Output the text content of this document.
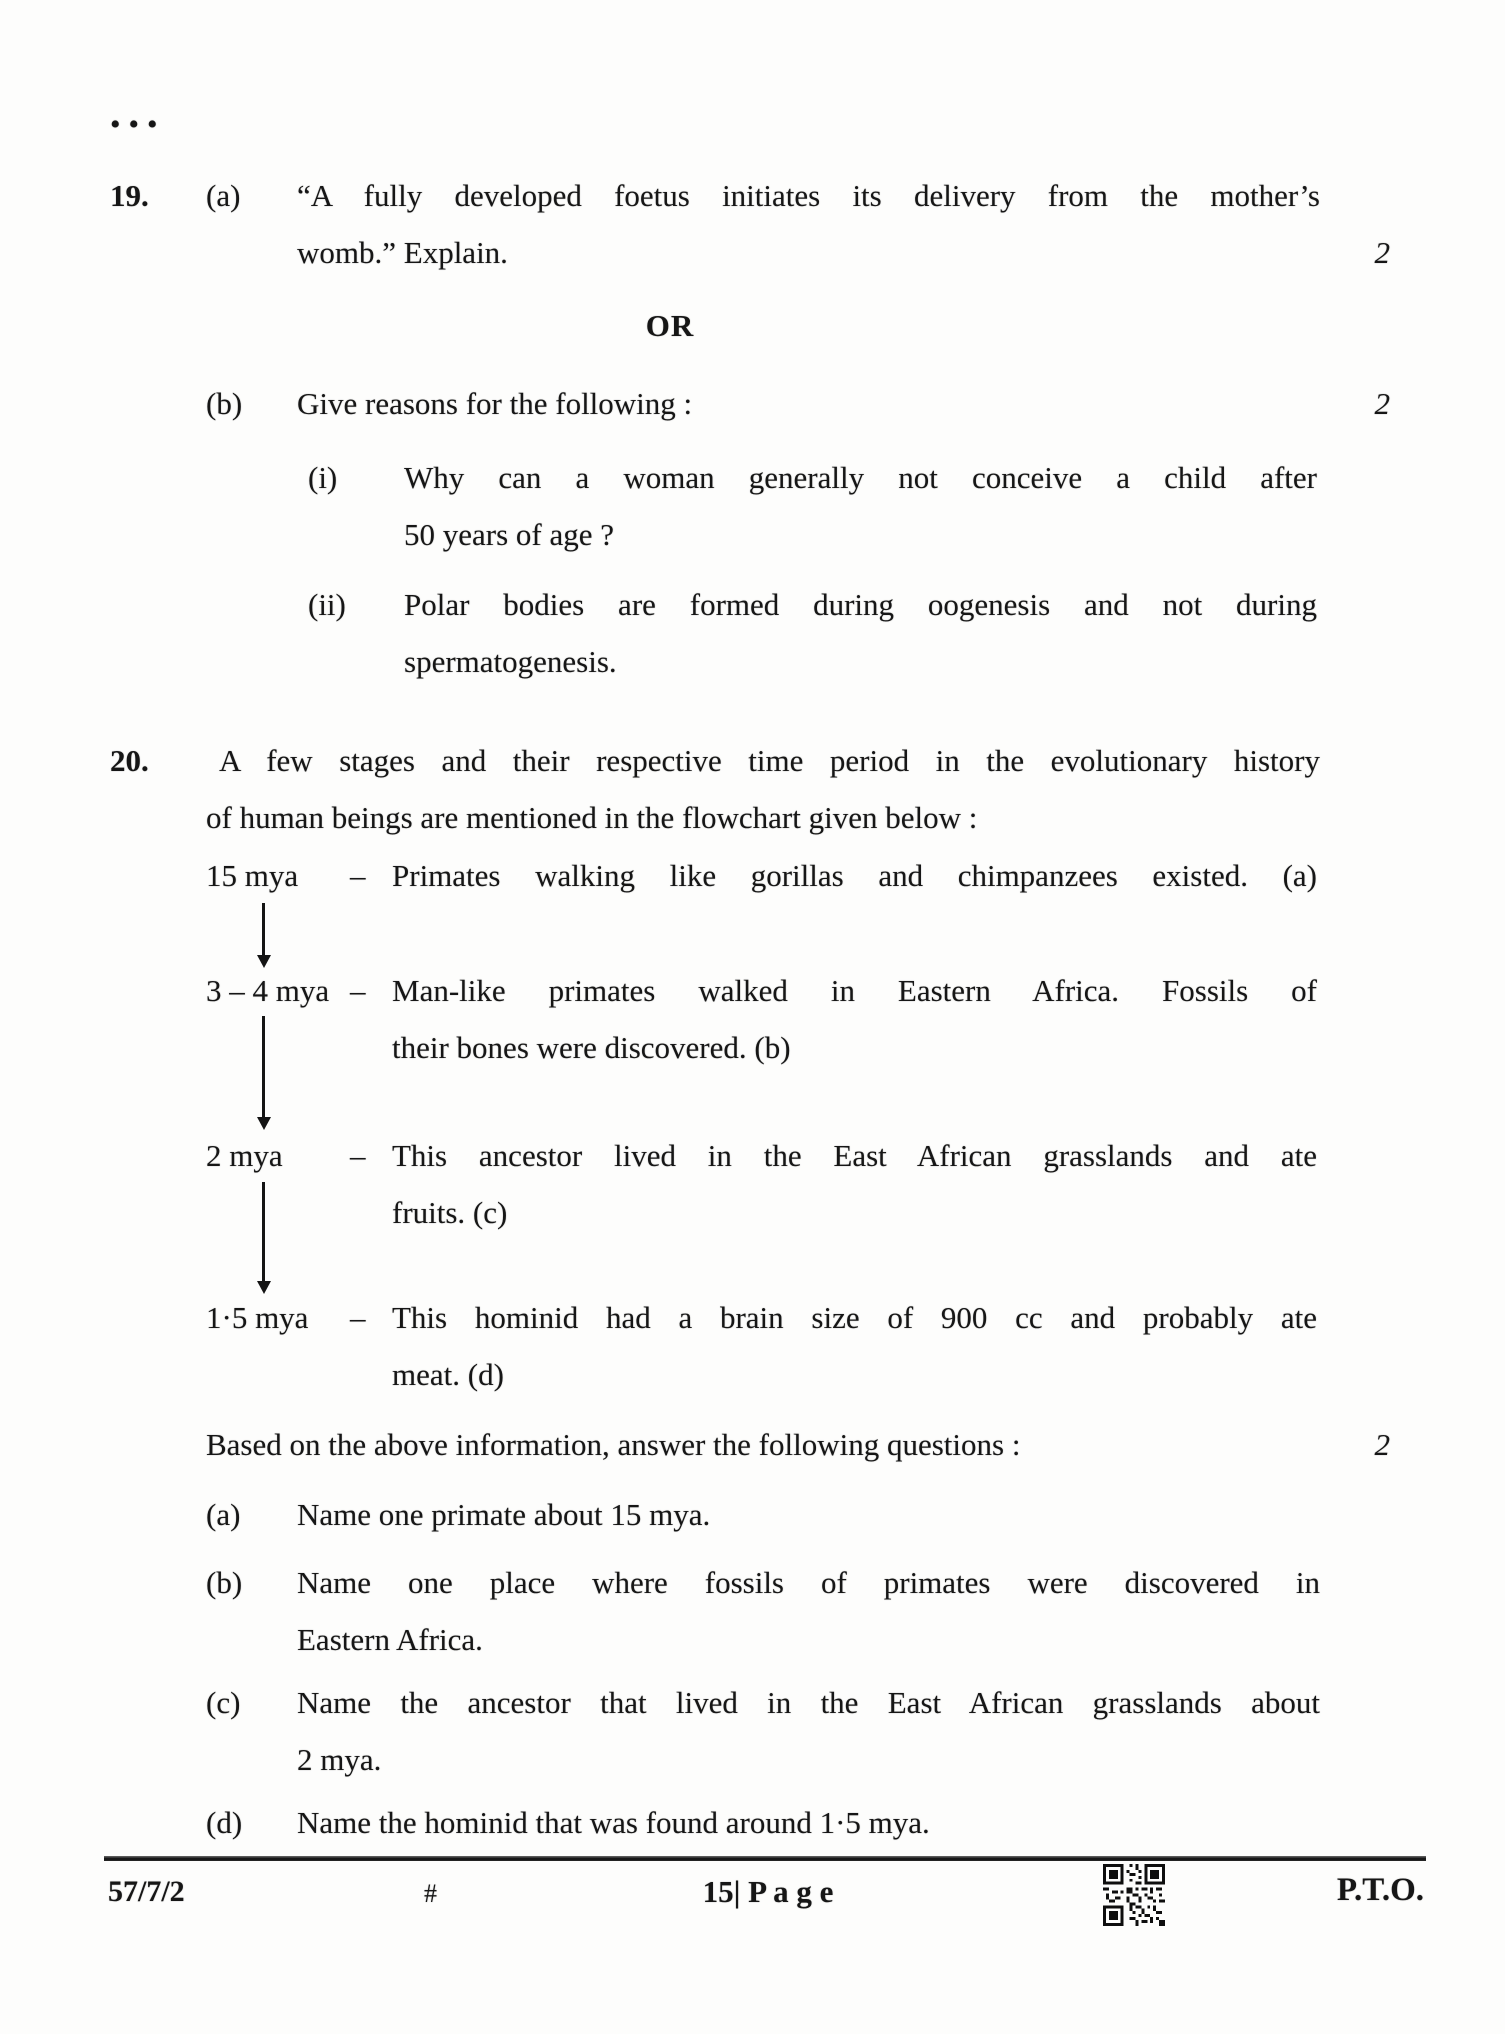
•••
19. (a) “A fully developed foetus initiates its delivery from the mother’s
womb.” Explain.	2
OR
(b) Give reasons for the following :	2
(i) Why can a woman generally not conceive a child after
50 years of age ?
(ii) Polar bodies are formed during oogenesis and not during
spermatogenesis.
20.	A few stages and their respective time period in the evolutionary history
of human beings are mentioned in the flowchart given below :
15 mya – Primates walking like gorillas and chimpanzees existed. (a)
3 – 4 mya – Man-like primates walked in Eastern Africa. Fossils of
their bones were discovered. (b)
2 mya – This ancestor lived in the East African grasslands and ate
fruits. (c)
1·5 mya – This hominid had a brain size of 900 cc and probably ate
meat. (d)
Based on the above information, answer the following questions :	2
(a) Name one primate about 15 mya.
(b) Name one place where fossils of primates were discovered in
Eastern Africa.
(c) Name the ancestor that lived in the East African grasslands about
2 mya.
(d) Name the hominid that was found around 1·5 mya.
57/7/2	#	15| P a g e	P.T.O.
